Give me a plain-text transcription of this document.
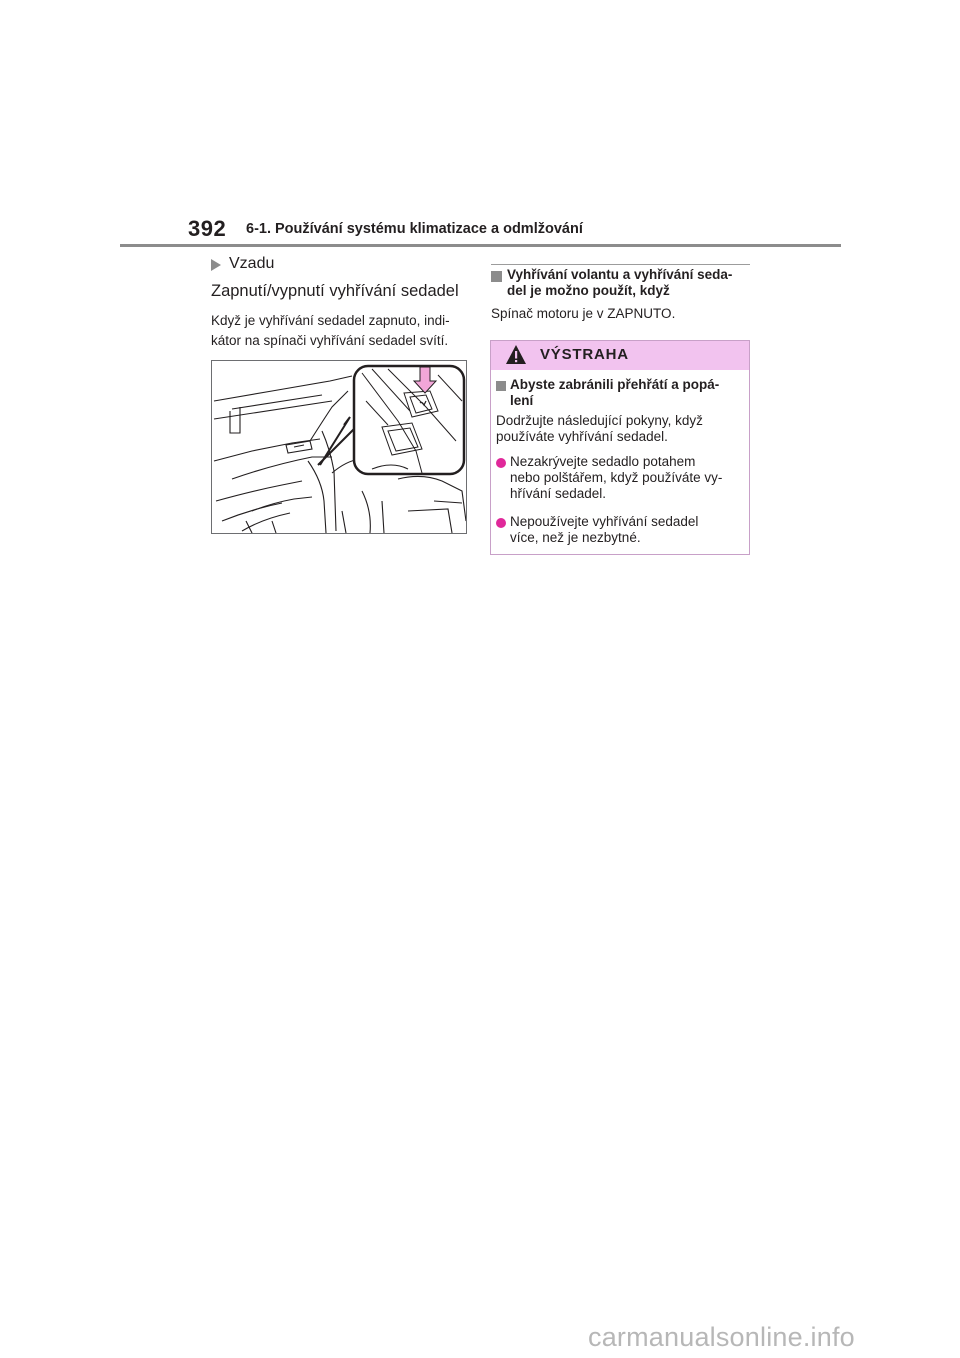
392 6-1. Používání systému klimatizace a odmlžování
Vzadu
Zapnutí/vypnutí vyhřívání sedadel
Když je vyhřívání sedadel zapnuto, indi-
kátor na spínači vyhřívání sedadel svítí.
Vyhřívání volantu a vyhřívání seda-
del je možno použít, když
Spínač motoru je v ZAPNUTO.
VÝSTRAHA
Abyste zabránili přehřátí a popá-
lení
Dodržujte následující pokyny, když
používáte vyhřívání sedadel.
Nezakrývejte sedadlo potahem
nebo polštářem, když používáte vy-
hřívání sedadel.
Nepoužívejte vyhřívání sedadel
více, než je nezbytné.
carmanualsonline.info
